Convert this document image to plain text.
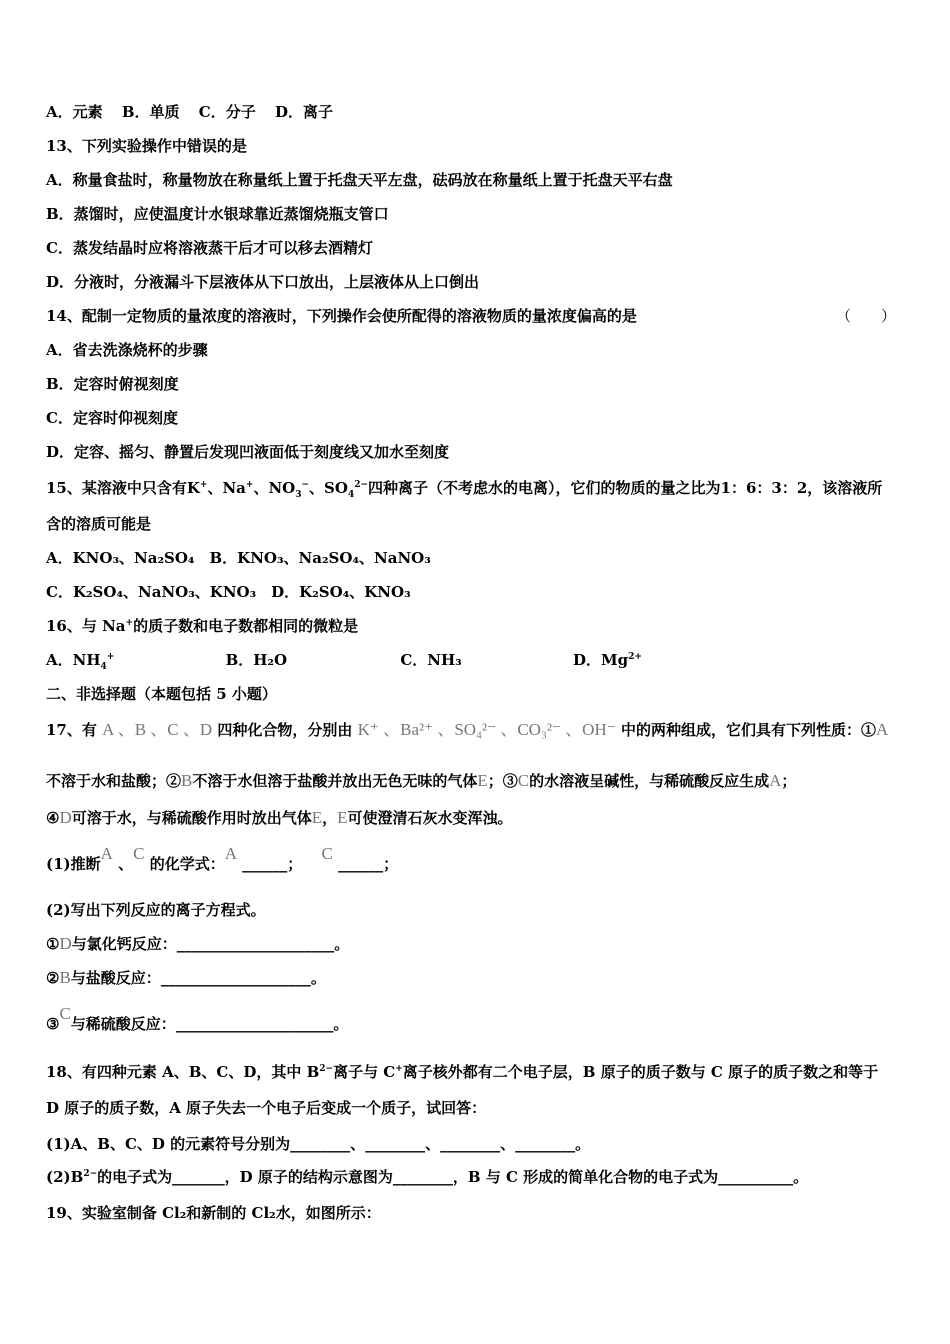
A．元素 B．单质 C．分子 D．离子
13、下列实验操作中错误的是
A．称量食盐时，称量物放在称量纸上置于托盘天平左盘，砝码放在称量纸上置于托盘天平右盘
B．蒸馏时，应使温度计水银球靠近蒸馏烧瓶支管口
C．蒸发结晶时应将溶液蒸干后才可以移去酒精灯
D．分液时，分液漏斗下层液体从下口放出，上层液体从上口倒出
14、配制一定物质的量浓度的溶液时，下列操作会使所配得的溶液物质的量浓度偏高的是	（　　）
A．省去洗涤烧杯的步骤
B．定容时俯视刻度
C．定容时仰视刻度
D．定容、摇匀、静置后发现凹液面低于刻度线又加水至刻度
15、某溶液中只含有K+、Na+、$NO_3^-$、$SO_4^{2-}$四种离子（不考虑水的电离），它们的物质的量之比为1：6：3：2，该溶液所
含的溶质可能是
A．KNO₃、Na₂SO₄　B．KNO₃、Na₂SO₄、NaNO₃
C．K₂SO₄、NaNO₃、KNO₃　D．K₂SO₄、KNO₃
16、与 Na+的质子数和电子数都相同的微粒是
A．$NH_4^+$	B．H₂O	C．NH₃	D．$Mg^{2+}$
二、非选择题（本题包括 5 小题）
17、有 A 、B 、C 、D 四种化合物，分别由 K⁺ 、Ba²⁺ 、SO₄²⁻ 、CO₃²⁻ 、OH⁻ 中的两种组成，它们具有下列性质：①A
不溶于水和盐酸；②B不溶于水但溶于盐酸并放出无色无味的气体E；③C的水溶液呈碱性，与稀硫酸反应生成A；
④D可溶于水，与稀硫酸作用时放出气体E，E可使澄清石灰水变浑浊。
(1)推断A 、C 的化学式：A ______； C ______；
(2)写出下列反应的离子方程式。
①D与氯化钙反应：_____________________。
②B与盐酸反应：____________________。
③C与稀硫酸反应：_____________________。
18、有四种元素 A、B、C、D，其中 $B^{2-}$离子与 C+离子核外都有二个电子层，B 原子的质子数与 C 原子的质子数之和等于
D 原子的质子数，A 原子失去一个电子后变成一个质子，试回答：
(1)A、B、C、D 的元素符号分别为________、________、________、________。
$(2)B^{2-}$的电子式为_______，D 原子的结构示意图为________，B 与 C 形成的简单化合物的电子式为__________。
19、实验室制备 Cl₂和新制的 Cl₂水，如图所示：
